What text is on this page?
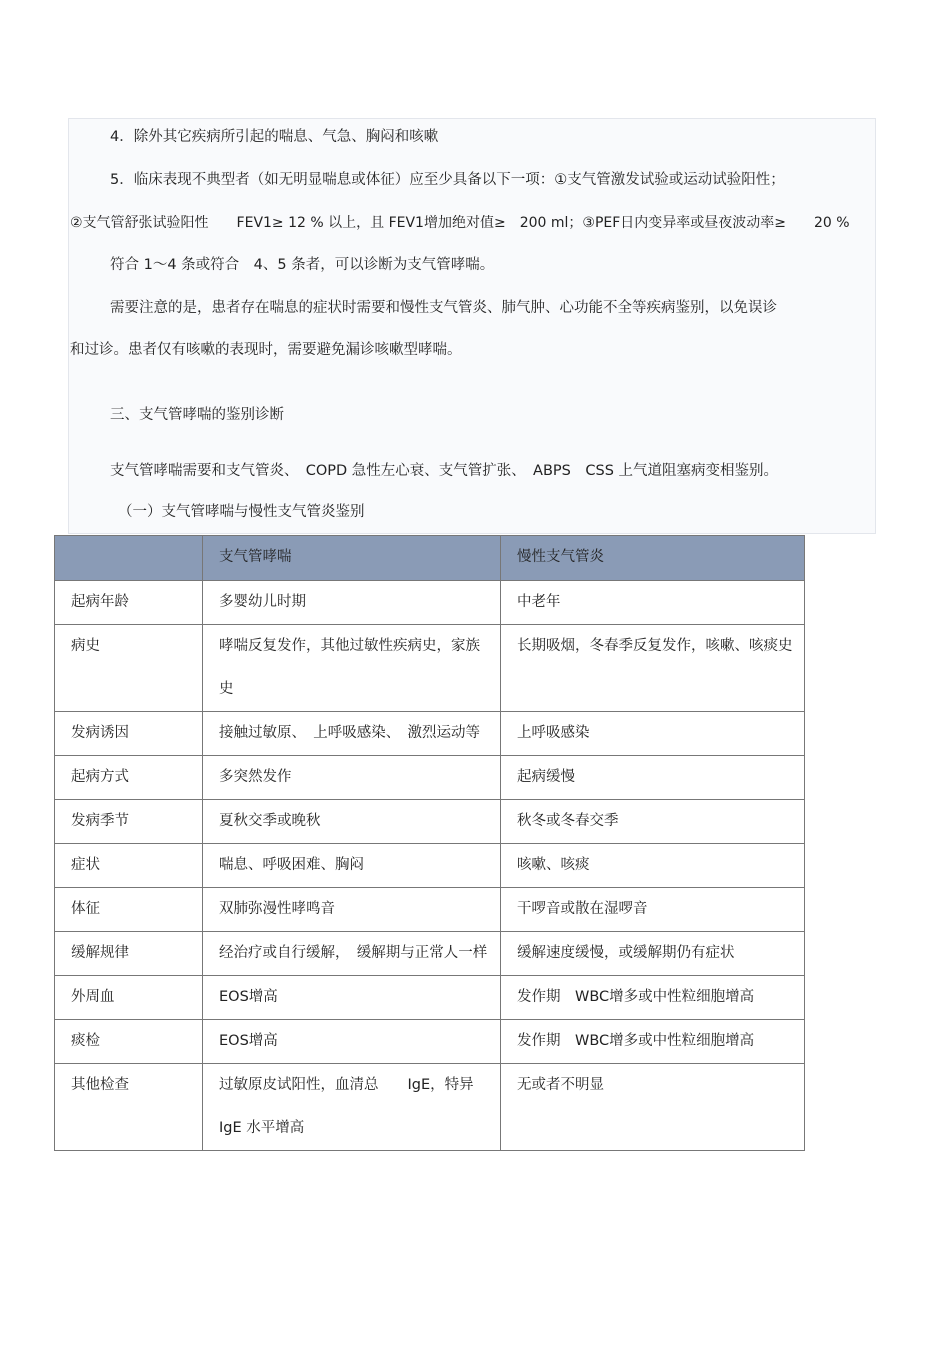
4．除外其它疾病所引起的喘息、气急、胸闷和咳嗽
5．临床表现不典型者（如无明显喘息或体征）应至少具备以下一项：①支气管激发试验或运动试验阳性；
②支气管舒张试验阳性　　FEV1≥ 12 % 以上，且 FEV1增加绝对值≥　200 ml；③PEF日内变异率或昼夜波动率≥　　20 %
符合 1～4 条或符合　4、5 条者，可以诊断为支气管哮喘。
需要注意的是，患者存在喘息的症状时需要和慢性支气管炎、肺气肿、心功能不全等疾病鉴别，以免误诊
和过诊。患者仅有咳嗽的表现时，需要避免漏诊咳嗽型哮喘。
三、支气管哮喘的鉴别诊断
支气管哮喘需要和支气管炎、　COPD 急性左心衰、支气管扩张、　ABPS　CSS 上气道阻塞病变相鉴别。
（一）支气管哮喘与慢性支气管炎鉴别
	支气管哮喘	慢性支气管炎
起病年龄	多婴幼儿时期	中老年
病史	哮喘反复发作，其他过敏性疾病史，家族史	长期吸烟，冬春季反复发作，咳嗽、咳痰史
发病诱因	接触过敏原、　上呼吸感染、　激烈运动等	上呼吸感染
起病方式	多突然发作	起病缓慢
发病季节	夏秋交季或晚秋	秋冬或冬春交季
症状	喘息、呼吸困难、胸闷	咳嗽、咳痰
体征	双肺弥漫性哮鸣音	干啰音或散在湿啰音
缓解规律	经治疗或自行缓解，　缓解期与正常人一样	缓解速度缓慢，或缓解期仍有症状
外周血	EOS增高	发作期　WBC增多或中性粒细胞增高
痰检	EOS增高	发作期　WBC增多或中性粒细胞增高
其他检查	过敏原皮试阳性，血清总　　IgE，特异IgE 水平增高	无或者不明显
